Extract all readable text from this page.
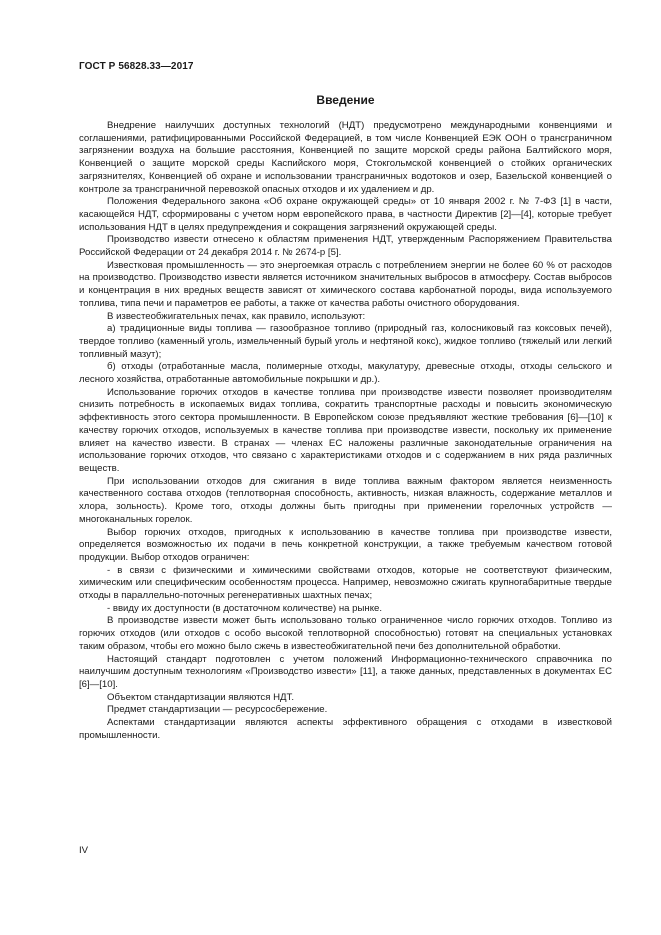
ГОСТ Р 56828.33—2017
Введение

Внедрение наилучших доступных технологий (НДТ) предусмотрено международными конвенциями и соглашениями, ратифицированными Российской Федерацией, в том числе Конвенцией ЕЭК ООН о трансграничном загрязнении воздуха на большие расстояния, Конвенцией по защите морской среды района Балтийского моря, Конвенцией о защите морской среды Каспийского моря, Стокгольмской конвенцией о стойких органических загрязнителях, Конвенцией об охране и использовании трансграничных водотоков и озер, Базельской конвенцией о контроле за трансграничной перевозкой опасных отходов и их удалением и др.

Положения Федерального закона «Об охране окружающей среды» от 10 января 2002 г. № 7-ФЗ [1] в части, касающейся НДТ, сформированы с учетом норм европейского права, в частности Директив [2]—[4], которые требует использования НДТ в целях предупреждения и сокращения загрязнений окружающей среды.

Производство извести отнесено к областям применения НДТ, утвержденным Распоряжением Правительства Российской Федерации от 24 декабря 2014 г. № 2674-р [5].

Известковая промышленность — это энергоемкая отрасль с потреблением энергии не более 60 % от расходов на производство. Производство извести является источником значительных выбросов в атмосферу. Состав выбросов и концентрация в них вредных веществ зависят от химического состава карбонатной породы, вида используемого топлива, типа печи и параметров ее работы, а также от качества работы очистного оборудования.

В известеобжигательных печах, как правило, используют:

а) традиционные виды топлива — газообразное топливо (природный газ, колосниковый газ коксовых печей), твердое топливо (каменный уголь, измельченный бурый уголь и нефтяной кокс), жидкое топливо (тяжелый или легкий топливный мазут);

б) отходы (отработанные масла, полимерные отходы, макулатуру, древесные отходы, отходы сельского и лесного хозяйства, отработанные автомобильные покрышки и др.).

Использование горючих отходов в качестве топлива при производстве извести позволяет производителям снизить потребность в ископаемых видах топлива, сократить транспортные расходы и повысить экономическую эффективность этого сектора промышленности. В Европейском союзе предъявляют жесткие требования [6]—[10] к качеству горючих отходов, используемых в качестве топлива при производстве извести, поскольку их применение влияет на качество извести. В странах — членах ЕС наложены различные законодательные ограничения на использование горючих отходов, что связано с характеристиками отходов и с содержанием в них ряда различных веществ.

При использовании отходов для сжигания в виде топлива важным фактором является неизменность качественного состава отходов (теплотворная способность, активность, низкая влажность, содержание металлов и хлора, зольность). Кроме того, отходы должны быть пригодны при применении горелочных устройств — многоканальных горелок.

Выбор горючих отходов, пригодных к использованию в качестве топлива при производстве извести, определяется возможностью их подачи в печь конкретной конструкции, а также требуемым качеством готовой продукции. Выбор отходов ограничен:

- в связи с физическими и химическими свойствами отходов, которые не соответствуют физическим, химическим или специфическим особенностям процесса. Например, невозможно сжигать крупногабаритные твердые отходы в параллельно-поточных регенеративных шахтных печах;

- ввиду их доступности (в достаточном количестве) на рынке.

В производстве извести может быть использовано только ограниченное число горючих отходов. Топливо из горючих отходов (или отходов с особо высокой теплотворной способностью) готовят на специальных установках таким образом, чтобы его можно было сжечь в известеобжигательной печи без дополнительной обработки.

Настоящий стандарт подготовлен с учетом положений Информационно-технического справочника по наилучшим доступным технологиям «Производство извести» [11], а также данных, представленных в документах ЕС [6]—[10].

Объектом стандартизации являются НДТ.

Предмет стандартизации — ресурсосбережение.

Аспектами стандартизации являются аспекты эффективного обращения с отходами в известковой промышленности.

IV
